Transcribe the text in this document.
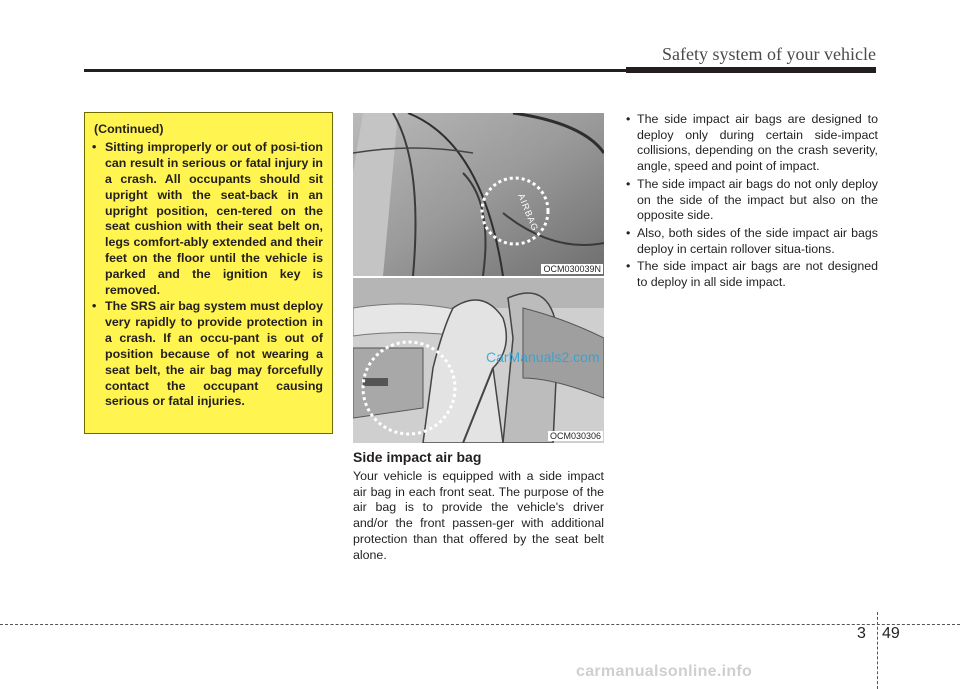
Safety system of your vehicle
(Continued)

• Sitting improperly or out of posi-tion can result in serious or fatal injury in a crash. All occupants should sit upright with the seat-back in an upright position, cen-tered on the seat cushion with their seat belt on, legs comfort-ably extended and their feet on the floor until the vehicle is parked and the ignition key is removed.

• The SRS air bag system must deploy very rapidly to provide protection in a crash. If an occu-pant is out of position because of not wearing a seat belt, the air bag may forcefully contact the occupant causing serious or fatal injuries.

AIRBAG
OCM030039N
OCM030306
CarManuals2.com
Side impact air bag

Your vehicle is equipped with a side impact air bag in each front seat. The purpose of the air bag is to provide the vehicle's driver and/or the front passen-ger with additional protection than that offered by the seat belt alone.

• The side impact air bags are designed to deploy only during certain side-impact collisions, depending on the crash severity, angle, speed and point of impact.

• The side impact air bags do not only deploy on the side of the impact but also on the opposite side.

• Also, both sides of the side impact air bags deploy in certain rollover situa-tions.

• The side impact air bags are not designed to deploy in all side impact.

3 49
carmanualsonline.info
